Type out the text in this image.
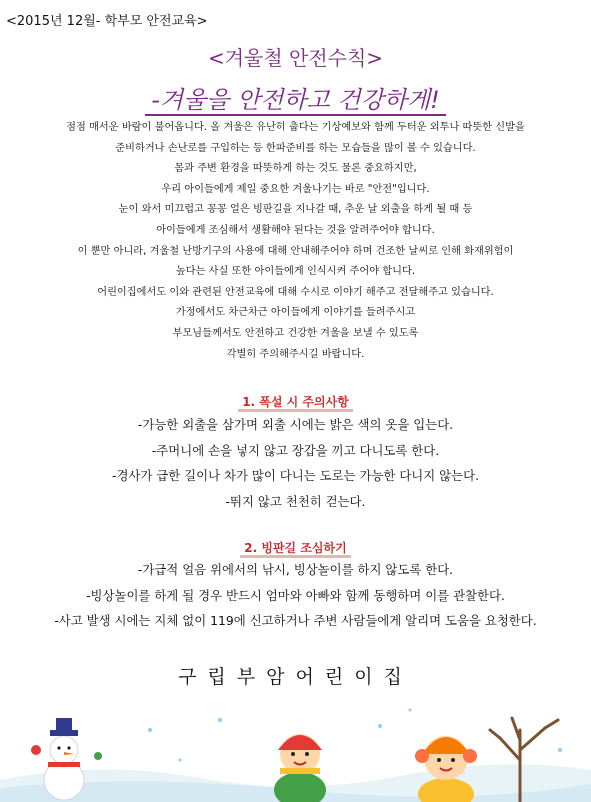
<2015년 12월- 학부모 안전교육>
<겨울철 안전수칙>
-겨울을 안전하고 건강하게!
점점 매서운 바람이 불어옵니다. 올 겨울은 유난히 춥다는 기상예보와 함께 두터운 외투나 따뜻한 신발을
준비하거나 손난로를 구입하는 등 한파준비를 하는 모습들을 많이 볼 수 있습니다.
몸과 주변 환경을 따뜻하게 하는 것도 물론 중요하지만,
우리 아이들에게 제일 중요한 겨울나기는 바로 "안전"입니다.
눈이 와서 미끄럽고 꽁꽁 얼은 빙판길을 지나갈 때, 추운 날 외출을 하게 될 때 등
아이들에게 조심해서 생활해야 된다는 것을 알려주어야 합니다.
이 뿐만 아니라, 겨울철 난방기구의 사용에 대해 안내해주어야 하며 건조한 날씨로 인해 화재위험이
높다는 사실 또한 아이들에게 인식시켜 주어야 합니다.
어린이집에서도 이와 관련된 안전교육에 대해 수시로 이야기 해주고 전달해주고 있습니다.
가정에서도 차근차근 아이들에게 이야기를 들려주시고
부모님들께서도 안전하고 건강한 겨울을 보낼 수 있도록
각별히 주의해주시길 바랍니다.
1. 폭설 시 주의사항
-가능한 외출을 삼가며 외출 시에는 밝은 색의 옷을 입는다.
-주머니에 손을 넣지 않고 장갑을 끼고 다니도록 한다.
-경사가 급한 길이나 차가 많이 다니는 도로는 가능한 다니지 않는다.
-뛰지 않고 천천히 걷는다.
2. 빙판길 조심하기
-가급적 얼음 위에서의 낚시, 빙상놀이를 하지 않도록 한다.
-빙상놀이를 하게 될 경우 반드시 엄마와 아빠와 함께 동행하며 이를 관찰한다.
-사고 발생 시에는 지체 없이 119에 신고하거나 주변 사람들에게 알리며 도움을 요청한다.
구립부암어린이집
